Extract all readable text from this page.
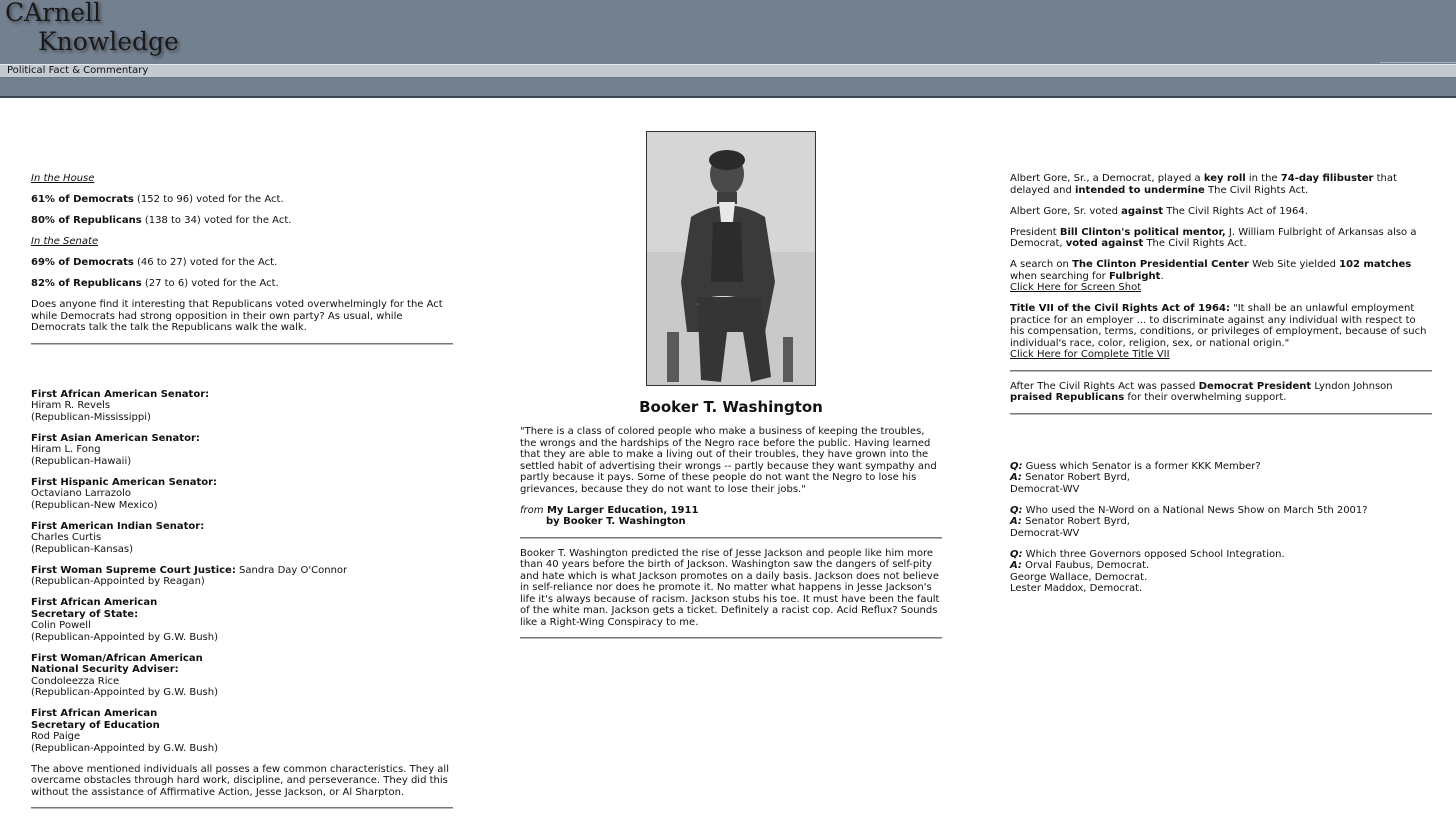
CArnell
Knowledge
Political Fact & Commentary

In the House

61% of Democrats (152 to 96) voted for the Act.

80% of Republicans (138 to 34) voted for the Act.

In the Senate

69% of Democrats (46 to 27) voted for the Act.

82% of Republicans (27 to 6) voted for the Act.

Does anyone find it interesting that Republicans voted overwhelmingly for the Act while Democrats had strong opposition in their own party? As usual, while Democrats talk the talk the Republicans walk the walk.

First African American Senator:
Hiram R. Revels
(Republican-Mississippi)
First Asian American Senator:
Hiram L. Fong
(Republican-Hawaii)
First Hispanic American Senator:
Octaviano Larrazolo
(Republican-New Mexico)
First American Indian Senator:
Charles Curtis
(Republican-Kansas)
First Woman Supreme Court Justice: Sandra Day O'Connor
(Republican-Appointed by Reagan)
First African American
Secretary of State:
Colin Powell
(Republican-Appointed by G.W. Bush)
First Woman/African American
National Security Adviser:
Condoleezza Rice
(Republican-Appointed by G.W. Bush)
First African American
Secretary of Education
Rod Paige
(Republican-Appointed by G.W. Bush)

The above mentioned individuals all posses a few common characteristics. They all overcame obstacles through hard work, discipline, and perseverance. They did this without the assistance of Affirmative Action, Jesse Jackson, or Al Sharpton.

Booker T. Washington

"There is a class of colored people who make a business of keeping the troubles, the wrongs and the hardships of the Negro race before the public. Having learned that they are able to make a living out of their troubles, they have grown into the settled habit of advertising their wrongs -- partly because they want sympathy and partly because it pays. Some of these people do not want the Negro to lose his grievances, because they do not want to lose their jobs."

from My Larger Education, 1911

by Booker T. Washington

Booker T. Washington predicted the rise of Jesse Jackson and people like him more than 40 years before the birth of Jackson. Washington saw the dangers of self-pity and hate which is what Jackson promotes on a daily basis. Jackson does not believe in self-reliance nor does he promote it. No matter what happens in Jesse Jackson's life it's always because of racism. Jackson stubs his toe. It must have been the fault of the white man. Jackson gets a ticket. Definitely a racist cop. Acid Reflux? Sounds like a Right-Wing Conspiracy to me.

Albert Gore, Sr., a Democrat, played a key roll in the 74-day filibuster that delayed and intended to undermine The Civil Rights Act.

Albert Gore, Sr. voted against The Civil Rights Act of 1964.

President Bill Clinton's political mentor, J. William Fulbright of Arkansas also a Democrat, voted against The Civil Rights Act.

A search on The Clinton Presidential Center Web Site yielded 102 matches when searching for Fulbright.

Click Here for Screen Shot

Title VII of the Civil Rights Act of 1964: "It shall be an unlawful employment practice for an employer ... to discriminate against any individual with respect to his compensation, terms, conditions, or privileges of employment, because of such individual's race, color, religion, sex, or national origin."

Click Here for Complete Title VII

After The Civil Rights Act was passed Democrat President Lyndon Johnson praised Republicans for their overwhelming support.

Q: Guess which Senator is a former KKK Member?
A: Senator Robert Byrd,
Democrat-WV
Q: Who used the N-Word on a National News Show on March 5th 2001?
A: Senator Robert Byrd,
Democrat-WV
Q: Which three Governors opposed School Integration.
A: Orval Faubus, Democrat.
George Wallace, Democrat.
Lester Maddox, Democrat.
